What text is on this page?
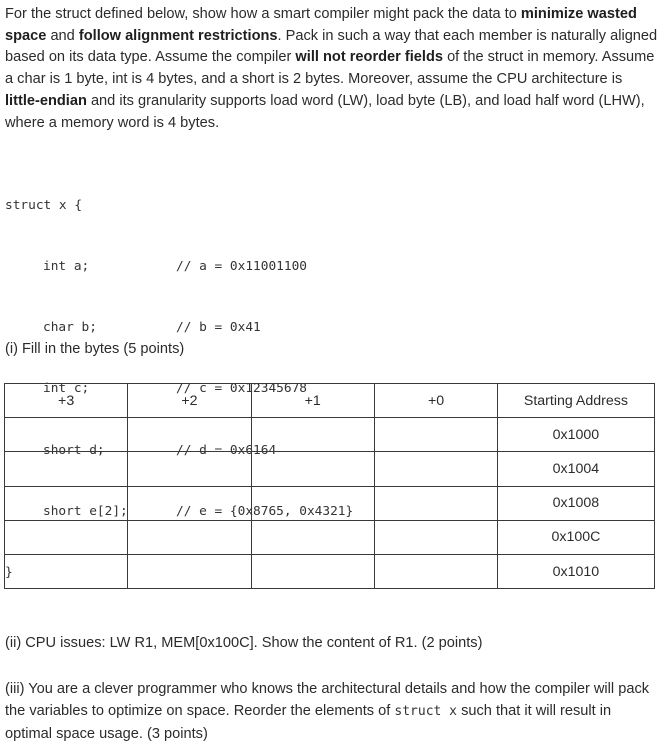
For the struct defined below, show how a smart compiler might pack the data to minimize wasted space and follow alignment restrictions. Pack in such a way that each member is naturally aligned based on its data type. Assume the compiler will not reorder fields of the struct in memory. Assume a char is 1 byte, int is 4 bytes, and a short is 2 bytes. Moreover, assume the CPU architecture is little-endian and its granularity supports load word (LW), load byte (LB), and load half word (LHW), where a memory word is 4 bytes.

struct x {

int a;	// a = 0x11001100

char b;	// b = 0x41

int c;	// c = 0x12345678

short d;	// d = 0x6164

short e[2];	// e = {0x8765, 0x4321}

}

(i) Fill in the bytes (5 points)
+3	+2	+1	+0	Starting Address
				0x1000
				0x1004
				0x1008
				0x100C
				0x1010
(ii) CPU issues: LW R1, MEM[0x100C]. Show the content of R1. (2 points)
(iii) You are a clever programmer who knows the architectural details and how the compiler will pack the variables to optimize on space. Reorder the elements of struct x such that it will result in optimal space usage. (3 points)
